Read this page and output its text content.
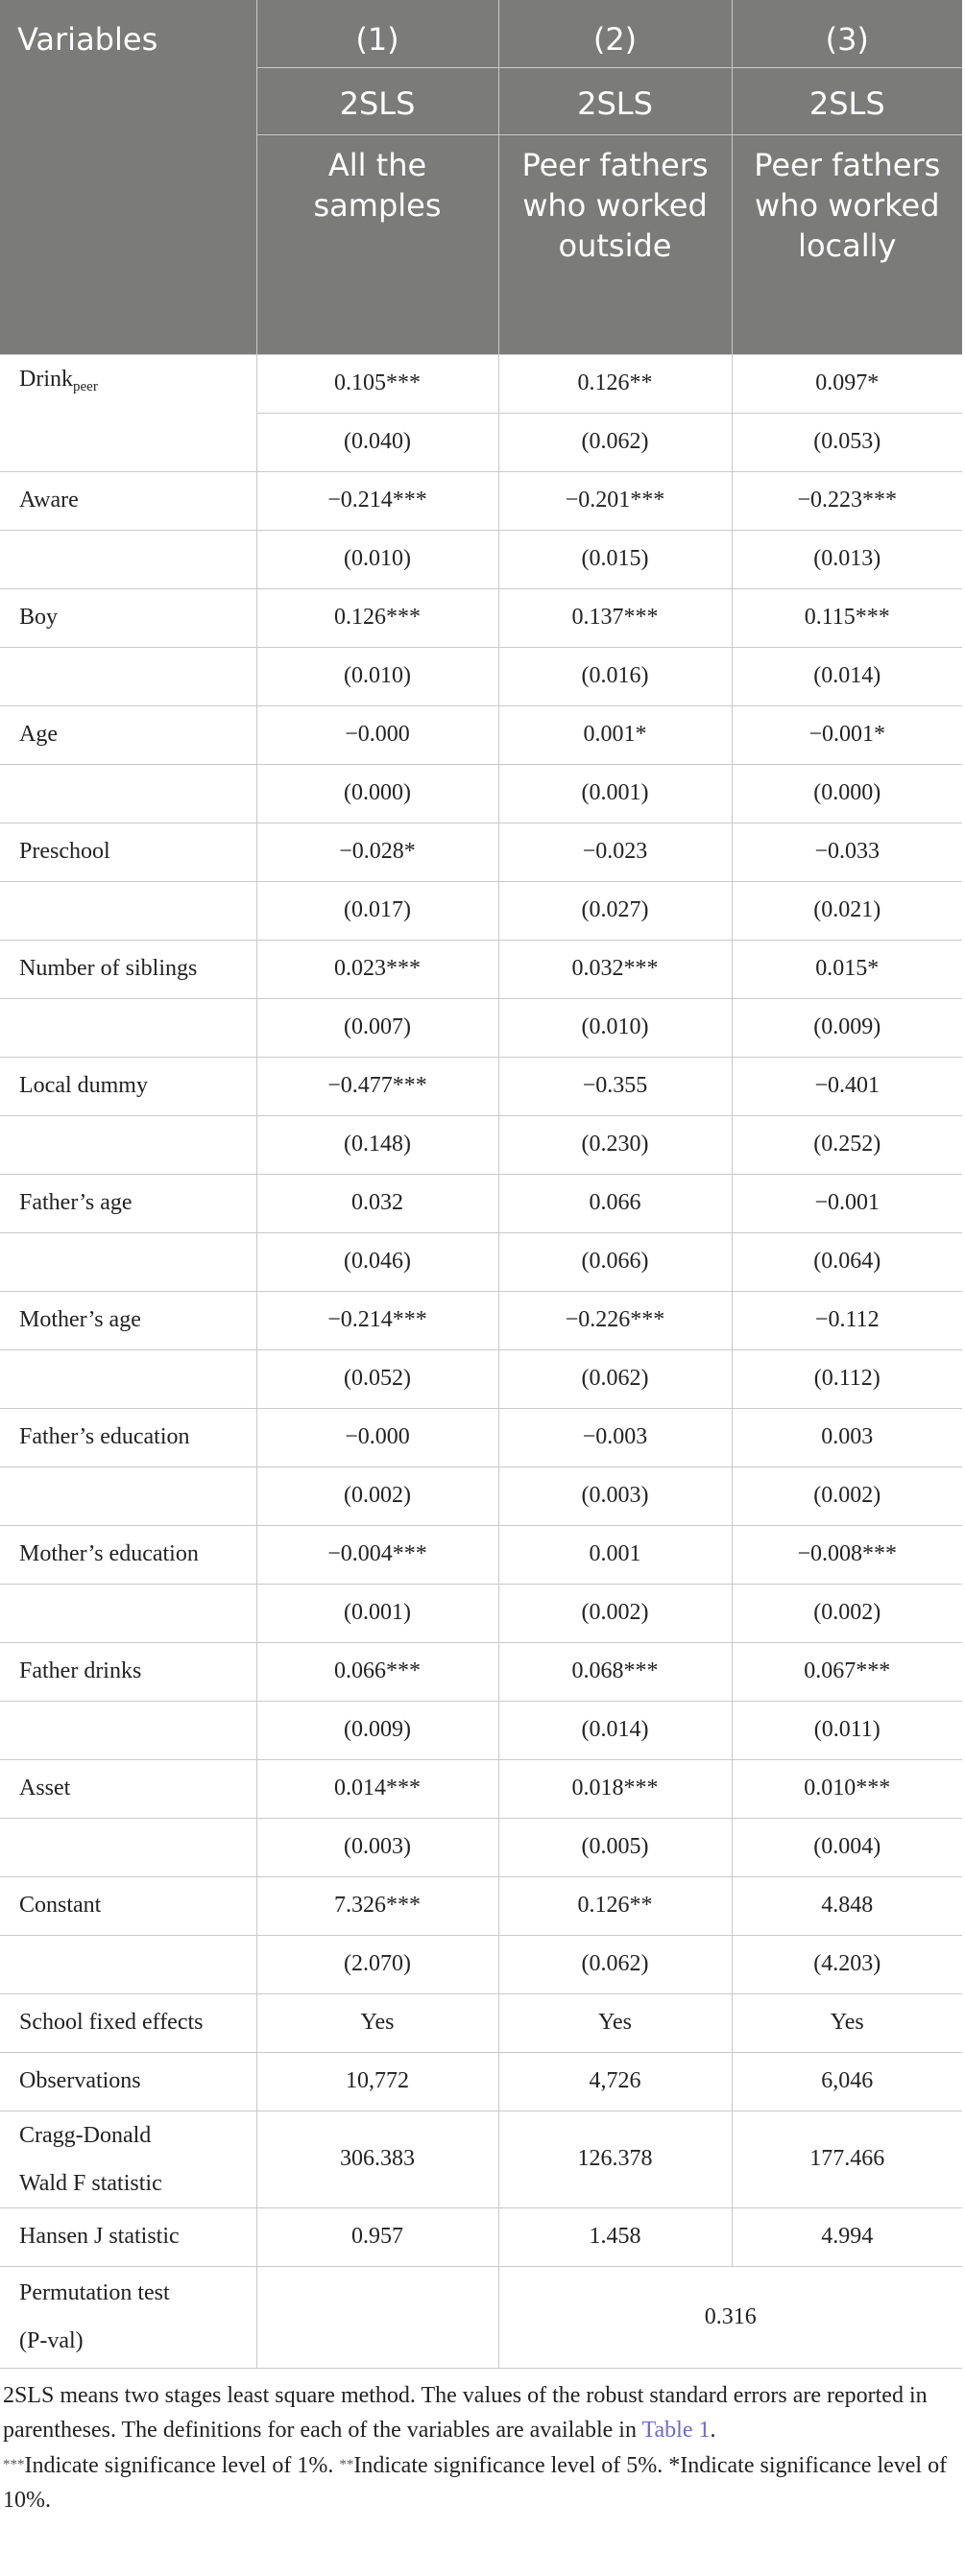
Variables	(1)	(2)	(3)
	2SLS	2SLS	2SLS
	All the samples	Peer fathers who worked outside	Peer fathers who worked locally
Drink$_{peer}$	0.105***	0.126**	0.097*
	(0.040)	(0.062)	(0.053)
Aware	−0.214***	−0.201***	−0.223***
	(0.010)	(0.015)	(0.013)
Boy	0.126***	0.137***	0.115***
	(0.010)	(0.016)	(0.014)
Age	−0.000	0.001*	−0.001*
	(0.000)	(0.001)	(0.000)
Preschool	−0.028*	−0.023	−0.033
	(0.017)	(0.027)	(0.021)
Number of siblings	0.023***	0.032***	0.015*
	(0.007)	(0.010)	(0.009)
Local dummy	−0.477***	−0.355	−0.401
	(0.148)	(0.230)	(0.252)
Father’s age	0.032	0.066	−0.001
	(0.046)	(0.066)	(0.064)
Mother’s age	−0.214***	−0.226***	−0.112
	(0.052)	(0.062)	(0.112)
Father’s education	−0.000	−0.003	0.003
	(0.002)	(0.003)	(0.002)
Mother’s education	−0.004***	0.001	−0.008***
	(0.001)	(0.002)	(0.002)
Father drinks	0.066***	0.068***	0.067***
	(0.009)	(0.014)	(0.011)
Asset	0.014***	0.018***	0.010***
	(0.003)	(0.005)	(0.004)
Constant	7.326***	0.126**	4.848
	(2.070)	(0.062)	(4.203)
School fixed effects	Yes	Yes	Yes
Observations	10,772	4,726	6,046
Cragg-Donald
Wald F statistic	306.383	126.378	177.466
Hansen J statistic	0.957	1.458	4.994
Permutation test
(P-val)		0.316	
2SLS means two stages least square method. The values of the robust standard errors are reported in parentheses. The definitions for each of the variables are available in Table 1.
***Indicate significance level of 1%. **Indicate significance level of 5%. *Indicate significance level of 10%.
